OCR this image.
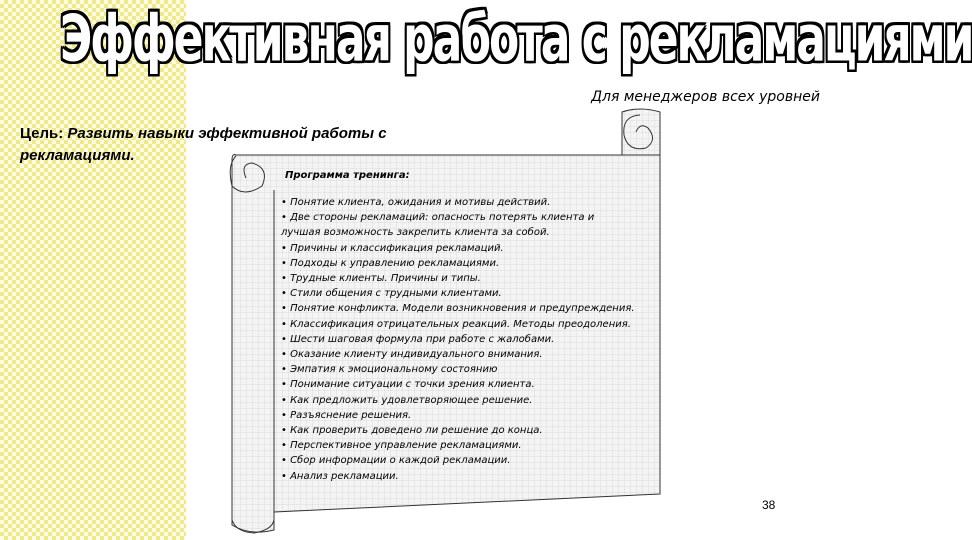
Эффективная работа с рекламациями
Для менеджеров всех уровней
Цель: Развить навыки эффективной работы с рекламациями.
Программа тренинга:
• Понятие клиента, ожидания и мотивы действий.
• Две стороны рекламаций: опасность потерять клиента и
лучшая возможность закрепить клиента за собой.
• Причины и классификация рекламаций.
• Подходы к управлению рекламациями.
• Трудные клиенты. Причины и типы.
• Стили общения с трудными клиентами.
• Понятие конфликта. Модели возникновения и предупреждения.
• Классификация отрицательных реакций. Методы преодоления.
• Шести шаговая формула при работе с жалобами.
• Оказание клиенту индивидуального внимания.
• Эмпатия к эмоциональному состоянию
• Понимание ситуации с точки зрения клиента.
• Как предложить удовлетворяющее решение.
• Разъяснение решения.
• Как проверить доведено ли решение до конца.
• Перспективное управление рекламациями.
• Сбор информации о каждой рекламации.
• Анализ рекламации.
38
